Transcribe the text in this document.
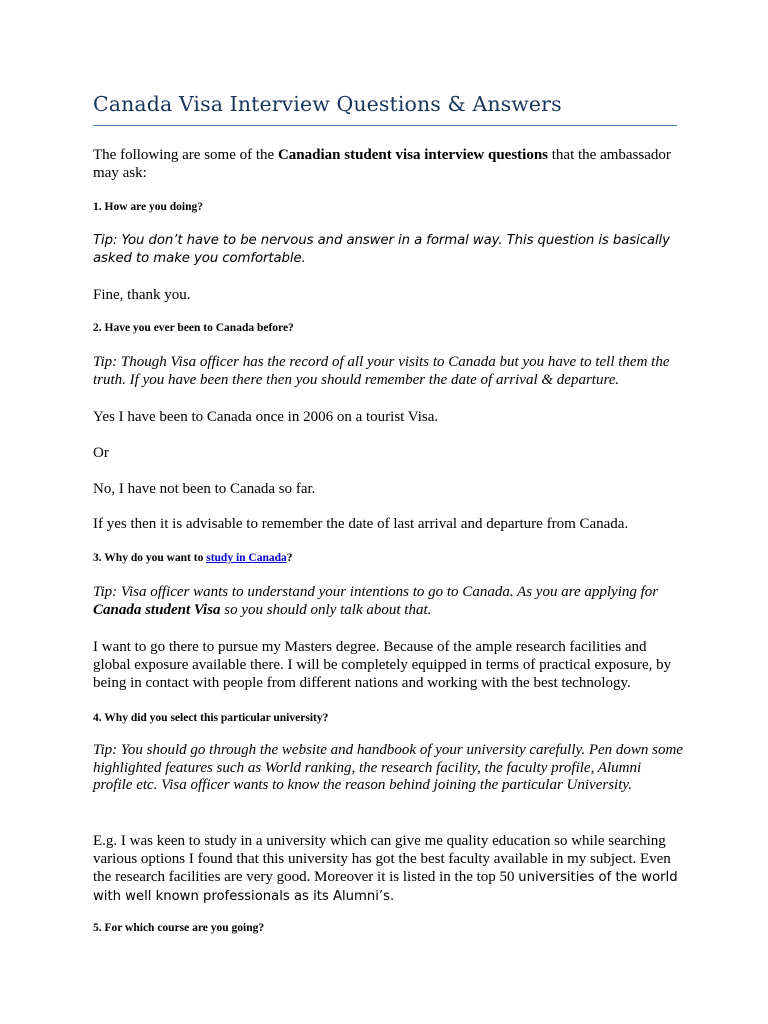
Canada Visa Interview Questions & Answers

The following are some of the Canadian student visa interview questions that the ambassador may ask:

1. How are you doing?

Tip: You don’t have to be nervous and answer in a formal way. This question is basically asked to make you comfortable.

Fine, thank you.

2. Have you ever been to Canada before?

Tip: Though Visa officer has the record of all your visits to Canada but you have to tell them the truth. If you have been there then you should remember the date of arrival & departure.

Yes I have been to Canada once in 2006 on a tourist Visa.

Or

No, I have not been to Canada so far.

If yes then it is advisable to remember the date of last arrival and departure from Canada.

3. Why do you want to study in Canada?

Tip: Visa officer wants to understand your intentions to go to Canada. As you are applying for Canada student Visa so you should only talk about that.

I want to go there to pursue my Masters degree. Because of the ample research facilities and global exposure available there. I will be completely equipped in terms of practical exposure, by being in contact with people from different nations and working with the best technology.

4. Why did you select this particular university?

Tip: You should go through the website and handbook of your university carefully. Pen down some highlighted features such as World ranking, the research facility, the faculty profile, Alumni profile etc. Visa officer wants to know the reason behind joining the particular University.

E.g. I was keen to study in a university which can give me quality education so while searching various options I found that this university has got the best faculty available in my subject. Even the research facilities are very good. Moreover it is listed in the top 50 universities of the world with well known professionals as its Alumni’s.

5. For which course are you going?
